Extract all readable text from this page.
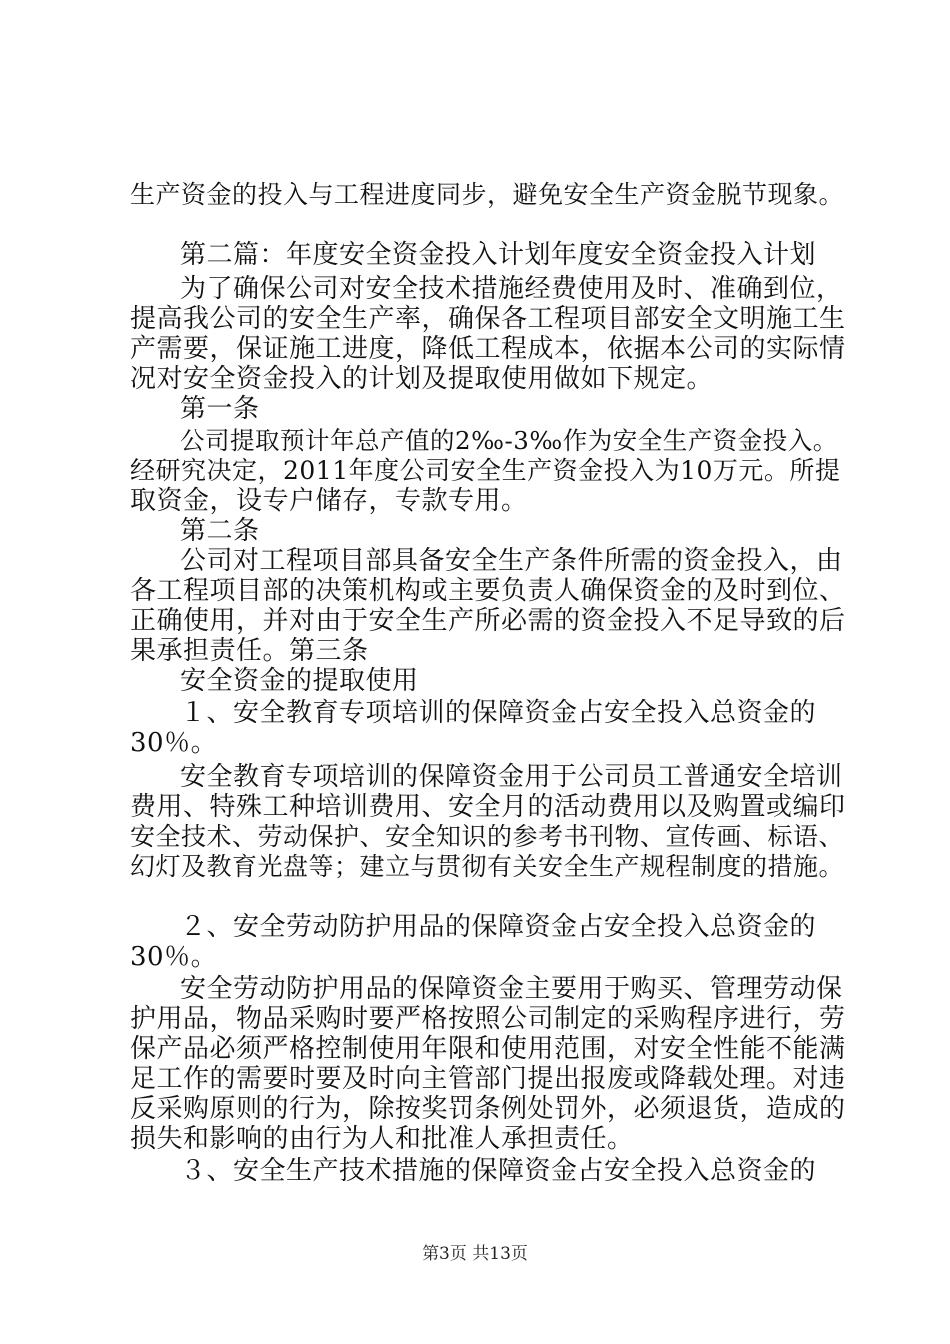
生产资金的投入与工程进度同步，避免安全生产资金脱节现象。
第二篇：年度安全资金投入计划年度安全资金投入计划
为了确保公司对安全技术措施经费使用及时、准确到位，
提高我公司的安全生产率，确保各工程项目部安全文明施工生
产需要，保证施工进度，降低工程成本，依据本公司的实际情
况对安全资金投入的计划及提取使用做如下规定。
第一条
公司提取预计年总产值的2‰-3‰作为安全生产资金投入。
经研究决定，2011年度公司安全生产资金投入为10万元。所提
取资金，设专户储存，专款专用。
第二条
公司对工程项目部具备安全生产条件所需的资金投入，由
各工程项目部的决策机构或主要负责人确保资金的及时到位、
正确使用，并对由于安全生产所必需的资金投入不足导致的后
果承担责任。第三条
安全资金的提取使用
１、安全教育专项培训的保障资金占安全投入总资金的
30％。
安全教育专项培训的保障资金用于公司员工普通安全培训
费用、特殊工种培训费用、安全月的活动费用以及购置或编印
安全技术、劳动保护、安全知识的参考书刊物、宣传画、标语、
幻灯及教育光盘等；建立与贯彻有关安全生产规程制度的措施。
２、安全劳动防护用品的保障资金占安全投入总资金的
30％。
安全劳动防护用品的保障资金主要用于购买、管理劳动保
护用品，物品采购时要严格按照公司制定的采购程序进行，劳
保产品必须严格控制使用年限和使用范围，对安全性能不能满
足工作的需要时要及时向主管部门提出报废或降载处理。对违
反采购原则的行为，除按奖罚条例处罚外，必须退货，造成的
损失和影响的由行为人和批准人承担责任。
３、安全生产技术措施的保障资金占安全投入总资金的
第3页 共13页
